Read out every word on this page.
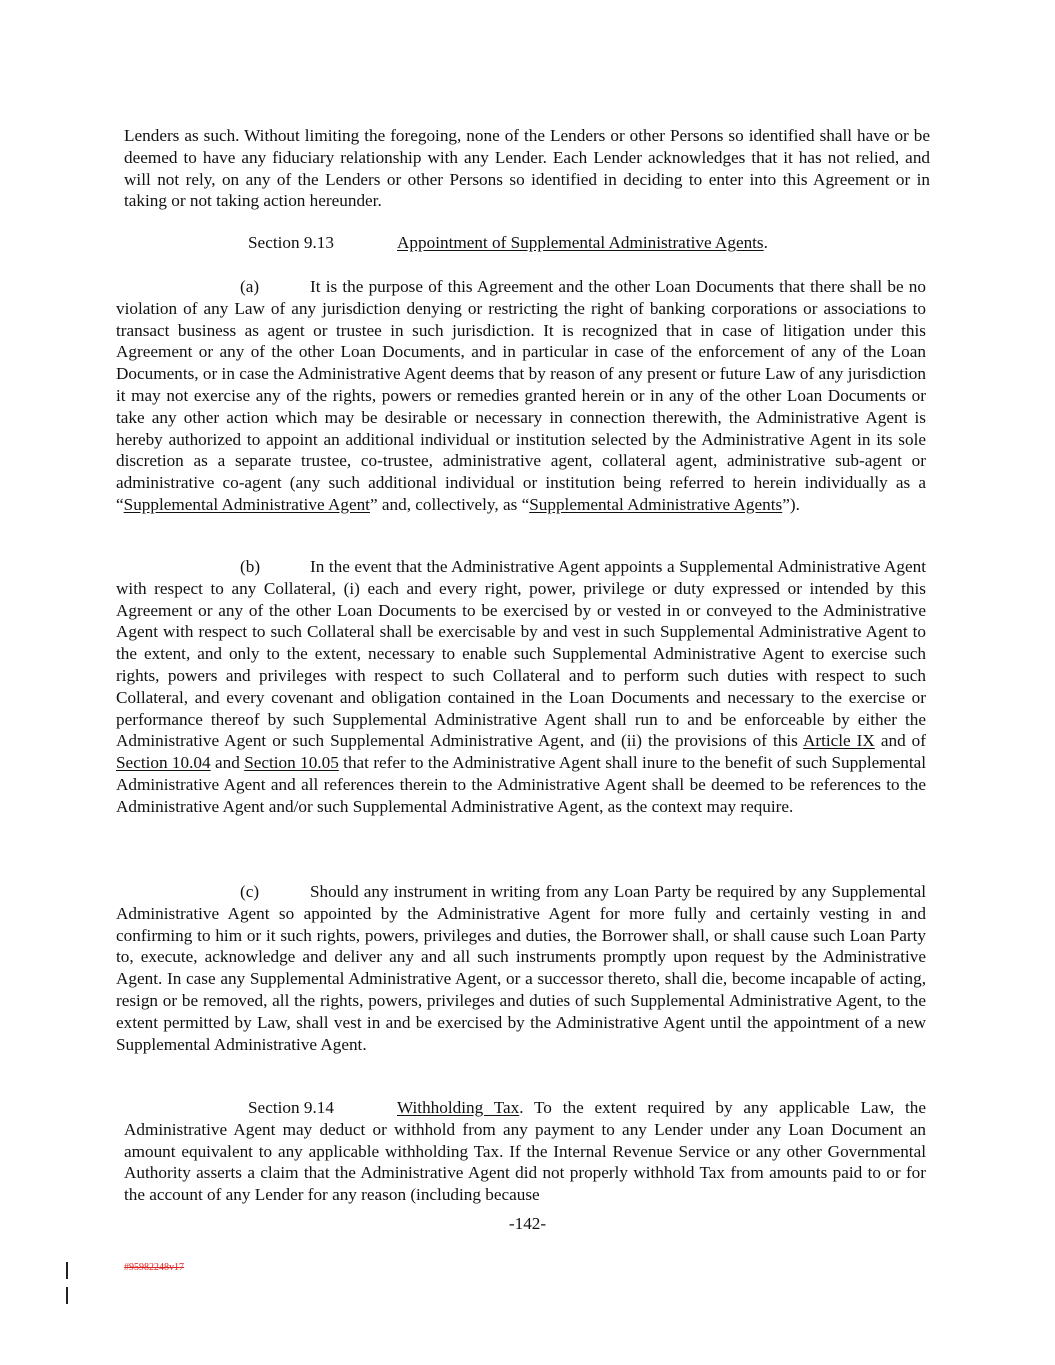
Lenders as such. Without limiting the foregoing, none of the Lenders or other Persons so identified shall have or be deemed to have any fiduciary relationship with any Lender. Each Lender acknowledges that it has not relied, and will not rely, on any of the Lenders or other Persons so identified in deciding to enter into this Agreement or in taking or not taking action hereunder.
Section 9.13	Appointment of Supplemental Administrative Agents.
(a)	It is the purpose of this Agreement and the other Loan Documents that there shall be no violation of any Law of any jurisdiction denying or restricting the right of banking corporations or associations to transact business as agent or trustee in such jurisdiction. It is recognized that in case of litigation under this Agreement or any of the other Loan Documents, and in particular in case of the enforcement of any of the Loan Documents, or in case the Administrative Agent deems that by reason of any present or future Law of any jurisdiction it may not exercise any of the rights, powers or remedies granted herein or in any of the other Loan Documents or take any other action which may be desirable or necessary in connection therewith, the Administrative Agent is hereby authorized to appoint an additional individual or institution selected by the Administrative Agent in its sole discretion as a separate trustee, co-trustee, administrative agent, collateral agent, administrative sub-agent or administrative co-agent (any such additional individual or institution being referred to herein individually as a “Supplemental Administrative Agent” and, collectively, as “Supplemental Administrative Agents”).
(b)	In the event that the Administrative Agent appoints a Supplemental Administrative Agent with respect to any Collateral, (i) each and every right, power, privilege or duty expressed or intended by this Agreement or any of the other Loan Documents to be exercised by or vested in or conveyed to the Administrative Agent with respect to such Collateral shall be exercisable by and vest in such Supplemental Administrative Agent to the extent, and only to the extent, necessary to enable such Supplemental Administrative Agent to exercise such rights, powers and privileges with respect to such Collateral and to perform such duties with respect to such Collateral, and every covenant and obligation contained in the Loan Documents and necessary to the exercise or performance thereof by such Supplemental Administrative Agent shall run to and be enforceable by either the Administrative Agent or such Supplemental Administrative Agent, and (ii) the provisions of this Article IX and of Section 10.04 and Section 10.05 that refer to the Administrative Agent shall inure to the benefit of such Supplemental Administrative Agent and all references therein to the Administrative Agent shall be deemed to be references to the Administrative Agent and/or such Supplemental Administrative Agent, as the context may require.
(c)	Should any instrument in writing from any Loan Party be required by any Supplemental Administrative Agent so appointed by the Administrative Agent for more fully and certainly vesting in and confirming to him or it such rights, powers, privileges and duties, the Borrower shall, or shall cause such Loan Party to, execute, acknowledge and deliver any and all such instruments promptly upon request by the Administrative Agent. In case any Supplemental Administrative Agent, or a successor thereto, shall die, become incapable of acting, resign or be removed, all the rights, powers, privileges and duties of such Supplemental Administrative Agent, to the extent permitted by Law, shall vest in and be exercised by the Administrative Agent until the appointment of a new Supplemental Administrative Agent.
Section 9.14	Withholding Tax. To the extent required by any applicable Law, the Administrative Agent may deduct or withhold from any payment to any Lender under any Loan Document an amount equivalent to any applicable withholding Tax. If the Internal Revenue Service or any other Governmental Authority asserts a claim that the Administrative Agent did not properly withhold Tax from amounts paid to or for the account of any Lender for any reason (including because
-142-
#95982248v17
